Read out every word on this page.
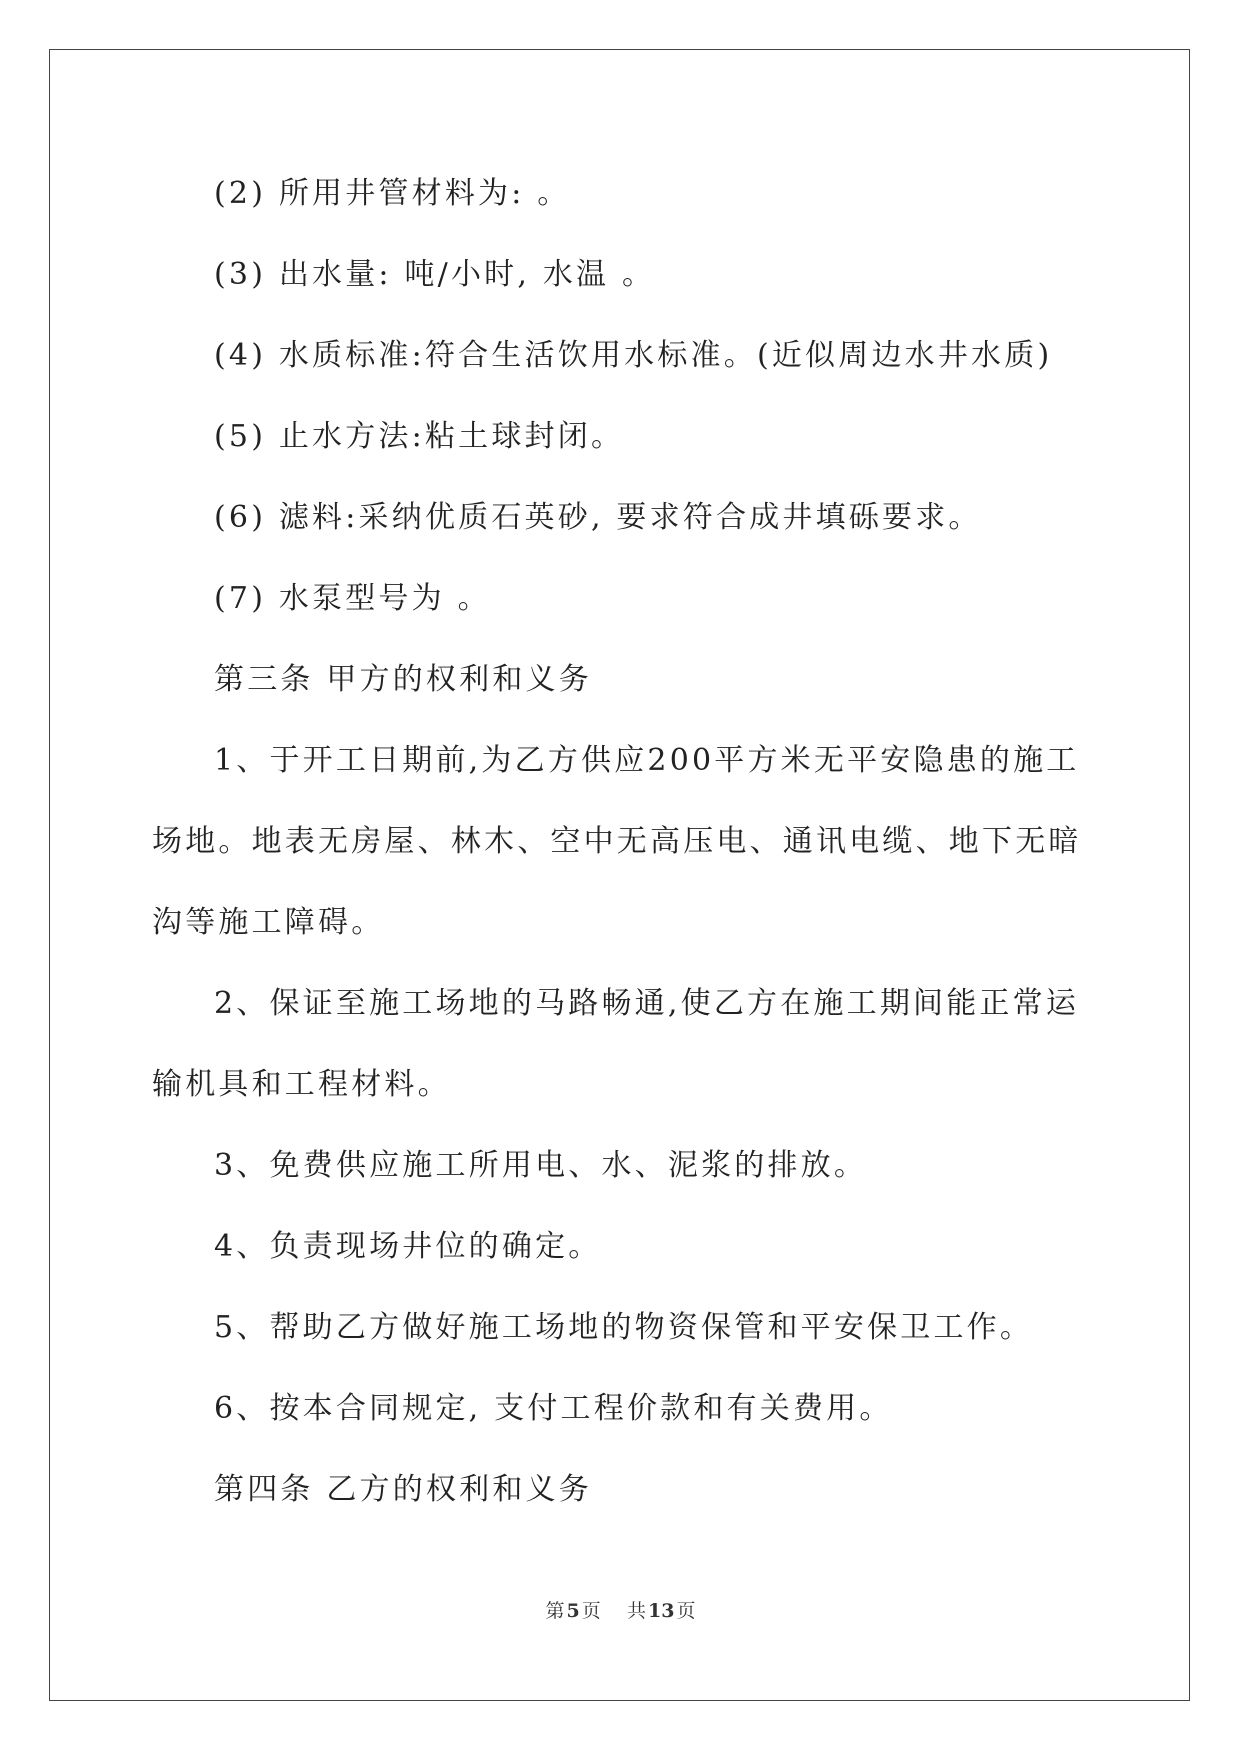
(2) 所用井管材料为: 。
(3) 出水量: 吨/小时, 水温 。
(4) 水质标准:符合生活饮用水标准。(近似周边水井水质)
(5) 止水方法:粘土球封闭。
(6) 滤料:采纳优质石英砂, 要求符合成井填砾要求。
(7) 水泵型号为 。
第三条 甲方的权利和义务
1、于开工日期前,为乙方供应200平方米无平安隐患的施工场地。地表无房屋、林木、空中无高压电、通讯电缆、地下无暗沟等施工障碍。
2、保证至施工场地的马路畅通,使乙方在施工期间能正常运输机具和工程材料。
3、免费供应施工所用电、水、泥浆的排放。
4、负责现场井位的确定。
5、帮助乙方做好施工场地的物资保管和平安保卫工作。
6、按本合同规定, 支付工程价款和有关费用。
第四条 乙方的权利和义务
第 5 页 共 13 页
